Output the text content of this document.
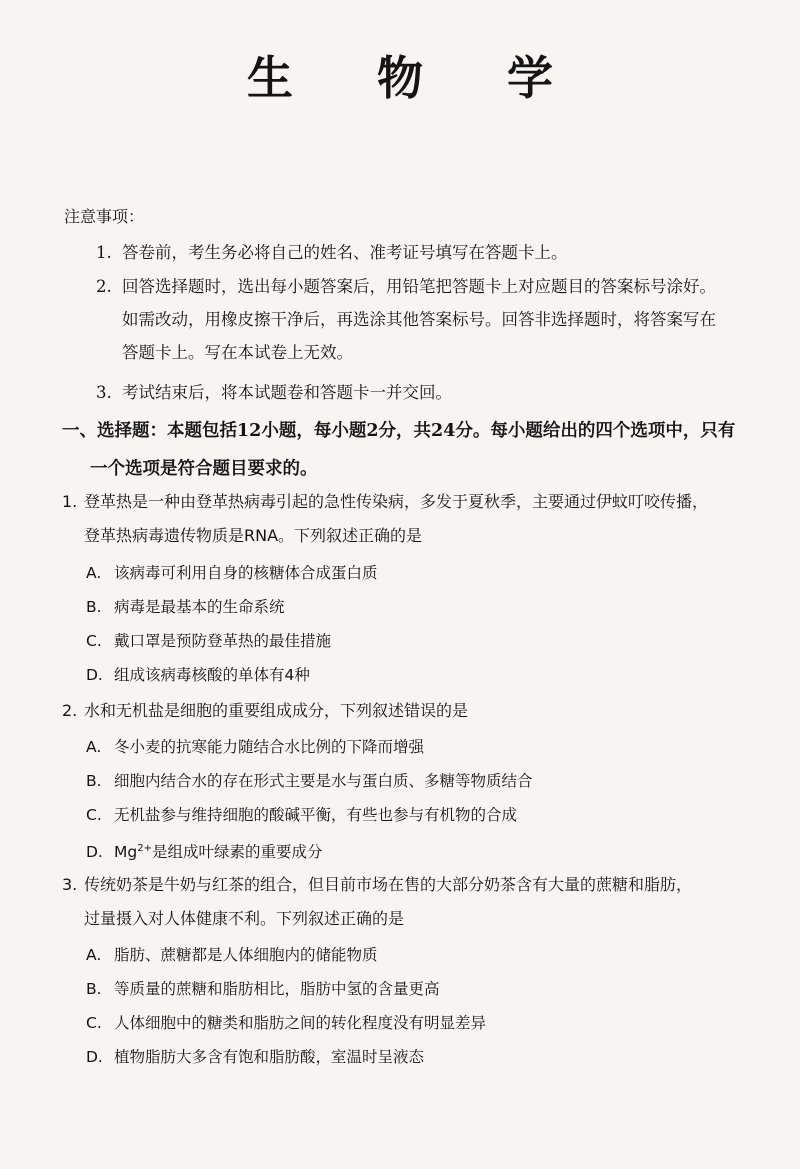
生 物 学
注意事项：
1. 答卷前，考生务必将自己的姓名、准考证号填写在答题卡上。
2. 回答选择题时，选出每小题答案后，用铅笔把答题卡上对应题目的答案标号涂好。
如需改动，用橡皮擦干净后，再选涂其他答案标号。回答非选择题时，将答案写在
答题卡上。写在本试卷上无效。
3. 考试结束后，将本试题卷和答题卡一并交回。
一、选择题：本题包括12小题，每小题2分，共24分。每小题给出的四个选项中，只有
一个选项是符合题目要求的。
1. 登革热是一种由登革热病毒引起的急性传染病，多发于夏秋季，主要通过伊蚊叮咬传播，
登革热病毒遗传物质是RNA。下列叙述正确的是
A. 该病毒可利用自身的核糖体合成蛋白质
B. 病毒是最基本的生命系统
C. 戴口罩是预防登革热的最佳措施
D. 组成该病毒核酸的单体有4种
2. 水和无机盐是细胞的重要组成成分，下列叙述错误的是
A. 冬小麦的抗寒能力随结合水比例的下降而增强
B. 细胞内结合水的存在形式主要是水与蛋白质、多糖等物质结合
C. 无机盐参与维持细胞的酸碱平衡，有些也参与有机物的合成
D. $Mg^{2+}$是组成叶绿素的重要成分
3. 传统奶茶是牛奶与红茶的组合，但目前市场在售的大部分奶茶含有大量的蔗糖和脂肪，
过量摄入对人体健康不利。下列叙述正确的是
A. 脂肪、蔗糖都是人体细胞内的储能物质
B. 等质量的蔗糖和脂肪相比，脂肪中氢的含量更高
C. 人体细胞中的糖类和脂肪之间的转化程度没有明显差异
D. 植物脂肪大多含有饱和脂肪酸，室温时呈液态
